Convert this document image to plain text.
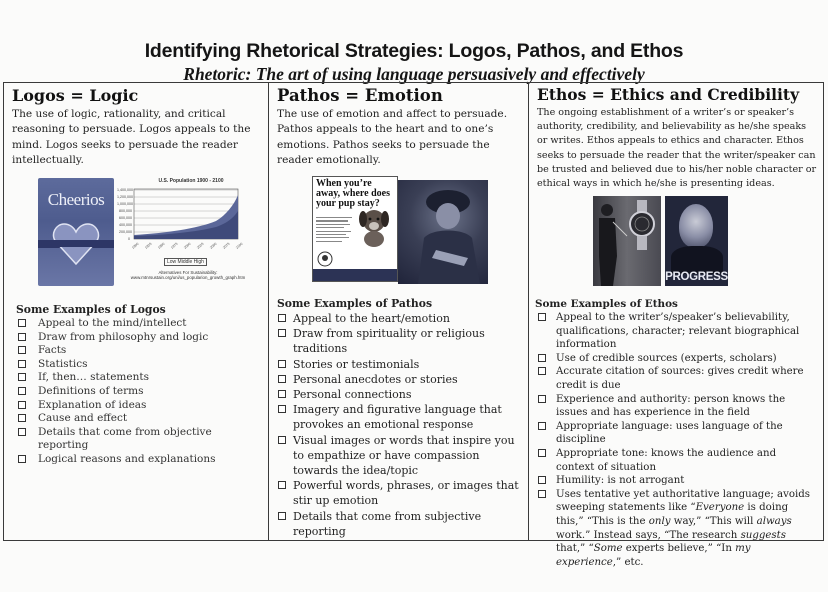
Identifying Rhetorical Strategies: Logos, Pathos, and Ethos
Rhetoric: The art of using language persuasively and effectively
Logos = Logic
The use of logic, rationality, and critical reasoning to persuade. Logos appeals to the mind. Logos seeks to persuade the reader intellectually.
Some Examples of Logos
Appeal to the mind/intellect
Draw from philosophy and logic
Facts
Statistics
If, then… statements
Definitions of terms
Explanation of ideas
Cause and effect
Details that come from objective reporting
Logical reasons and explanations
Pathos = Emotion
The use of emotion and affect to persuade. Pathos appeals to the heart and to one’s emotions. Pathos seeks to persuade the reader emotionally.
Some Examples of Pathos
Appeal to the heart/emotion
Draw from spirituality or religious traditions
Stories or testimonials
Personal anecdotes or stories
Personal connections
Imagery and figurative language that provokes an emotional response
Visual images or words that inspire you to empathize or have compassion towards the idea/topic
Powerful words, phrases, or images that stir up emotion
Details that come from subjective reporting
Ethos = Ethics and Credibility
The ongoing establishment of a writer’s or speaker’s authority, credibility, and believability as he/she speaks or writes. Ethos appeals to ethics and character. Ethos seeks to persuade the reader that the writer/speaker can be trusted and believed due to his/her noble character or ethical ways in which he/she is presenting ideas.
Some Examples of Ethos
Appeal to the writer’s/speaker’s believability, qualifications, character; relevant biographical information
Use of credible sources (experts, scholars)
Accurate citation of sources: gives credit where credit is due
Experience and authority: person knows the issues and has experience in the field
Appropriate language: uses language of the discipline
Appropriate tone: knows the audience and context of situation
Humility: is not arrogant
Uses tentative yet authoritative language; avoids sweeping statements like “Everyone is doing this,” “This is the only way,” “This will always work.” Instead says, “The research suggests that,” “Some experts believe,” “In my experience,” etc.
Cheerios
U.S. Population 1900 - 2100
1,400,000
1,200,000
1,000,000
800,000
600,000
400,000
200,000
0
1900 1925 1950 1975 2000 2025 2050 2075 2100
Low Middle High
Alternatives For Sustainability:
www.mtnrsustain.org/uni/us_popularion_growth_graph.htm
When you’re away, where does your pup stay?
PROGRESS
